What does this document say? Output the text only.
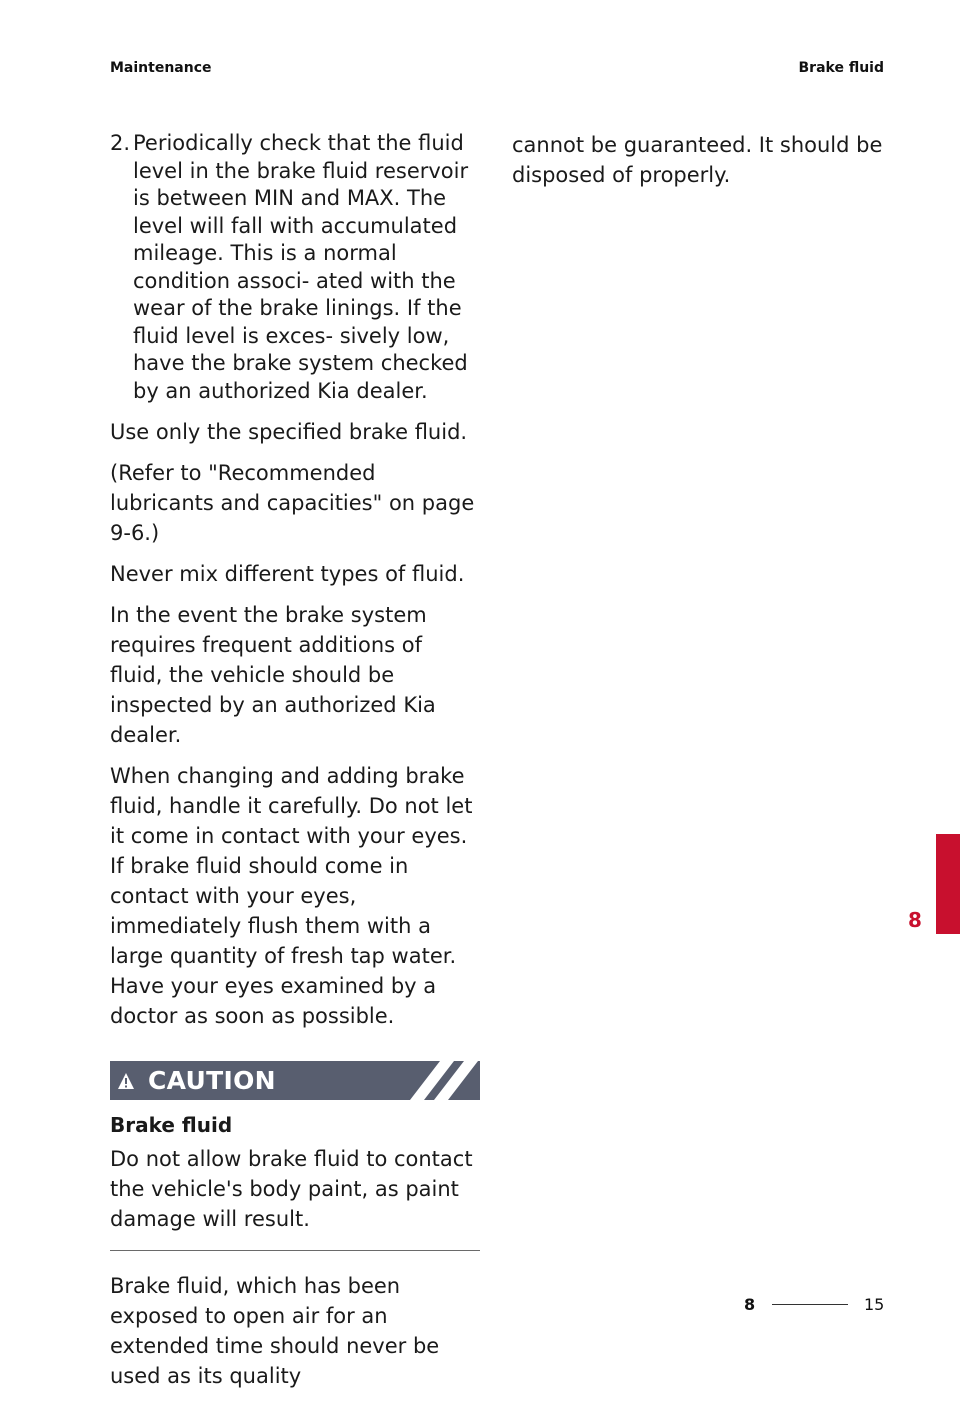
Maintenance	Brake fluid
2. Periodically check that the fluid level in the brake fluid reservoir is between MIN and MAX. The level will fall with accumulated mileage. This is a normal condition associ- ated with the wear of the brake linings. If the fluid level is exces- sively low, have the brake system checked by an authorized Kia dealer.

Use only the specified brake fluid.

(Refer to "Recommended lubricants and capacities" on page 9-6.)

Never mix different types of fluid.

In the event the brake system requires frequent additions of fluid, the vehicle should be inspected by an authorized Kia dealer.

When changing and adding brake fluid, handle it carefully. Do not let it come in contact with your eyes. If brake fluid should come in contact with your eyes, immediately flush them with a large quantity of fresh tap water. Have your eyes examined by a doctor as soon as possible.

CAUTION
Brake fluid

Do not allow brake fluid to contact the vehicle's body paint, as paint damage will result.

Brake fluid, which has been exposed to open air for an extended time should never be used as its quality

cannot be guaranteed. It should be disposed of properly.

8
8	15
